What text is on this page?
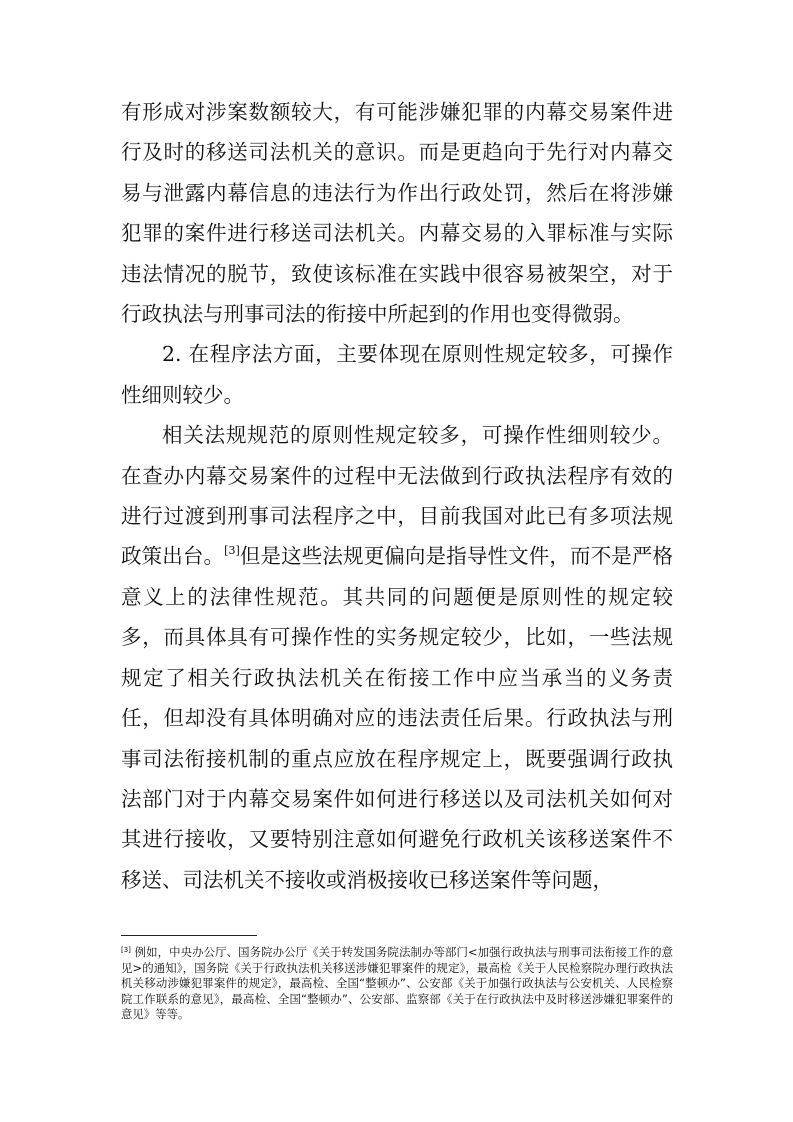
有形成对涉案数额较大，有可能涉嫌犯罪的内幕交易案件进行及时的移送司法机关的意识。而是更趋向于先行对内幕交易与泄露内幕信息的违法行为作出行政处罚，然后在将涉嫌犯罪的案件进行移送司法机关。内幕交易的入罪标准与实际违法情况的脱节，致使该标准在实践中很容易被架空，对于行政执法与刑事司法的衔接中所起到的作用也变得微弱。

2. 在程序法方面，主要体现在原则性规定较多，可操作性细则较少。

相关法规规范的原则性规定较多，可操作性细则较少。在查办内幕交易案件的过程中无法做到行政执法程序有效的进行过渡到刑事司法程序之中，目前我国对此已有多项法规政策出台。[3]但是这些法规更偏向是指导性文件，而不是严格意义上的法律性规范。其共同的问题便是原则性的规定较多，而具体具有可操作性的实务规定较少，比如，一些法规规定了相关行政执法机关在衔接工作中应当承当的义务责任，但却没有具体明确对应的违法责任后果。行政执法与刑事司法衔接机制的重点应放在程序规定上，既要强调行政执法部门对于内幕交易案件如何进行移送以及司法机关如何对其进行接收，又要特别注意如何避免行政机关该移送案件不移送、司法机关不接收或消极接收已移送案件等问题，

[3] 例如，中央办公厅、国务院办公厅《关于转发国务院法制办等部门<加强行政执法与刑事司法衔接工作的意见>的通知》，国务院《关于行政执法机关移送涉嫌犯罪案件的规定》，最高检《关于人民检察院办理行政执法机关移动涉嫌犯罪案件的规定》，最高检、全国“整顿办”、公安部《关于加强行政执法与公安机关、人民检察院工作联系的意见》，最高检、全国“整顿办”、公安部、监察部《关于在行政执法中及时移送涉嫌犯罪案件的意见》等等。
